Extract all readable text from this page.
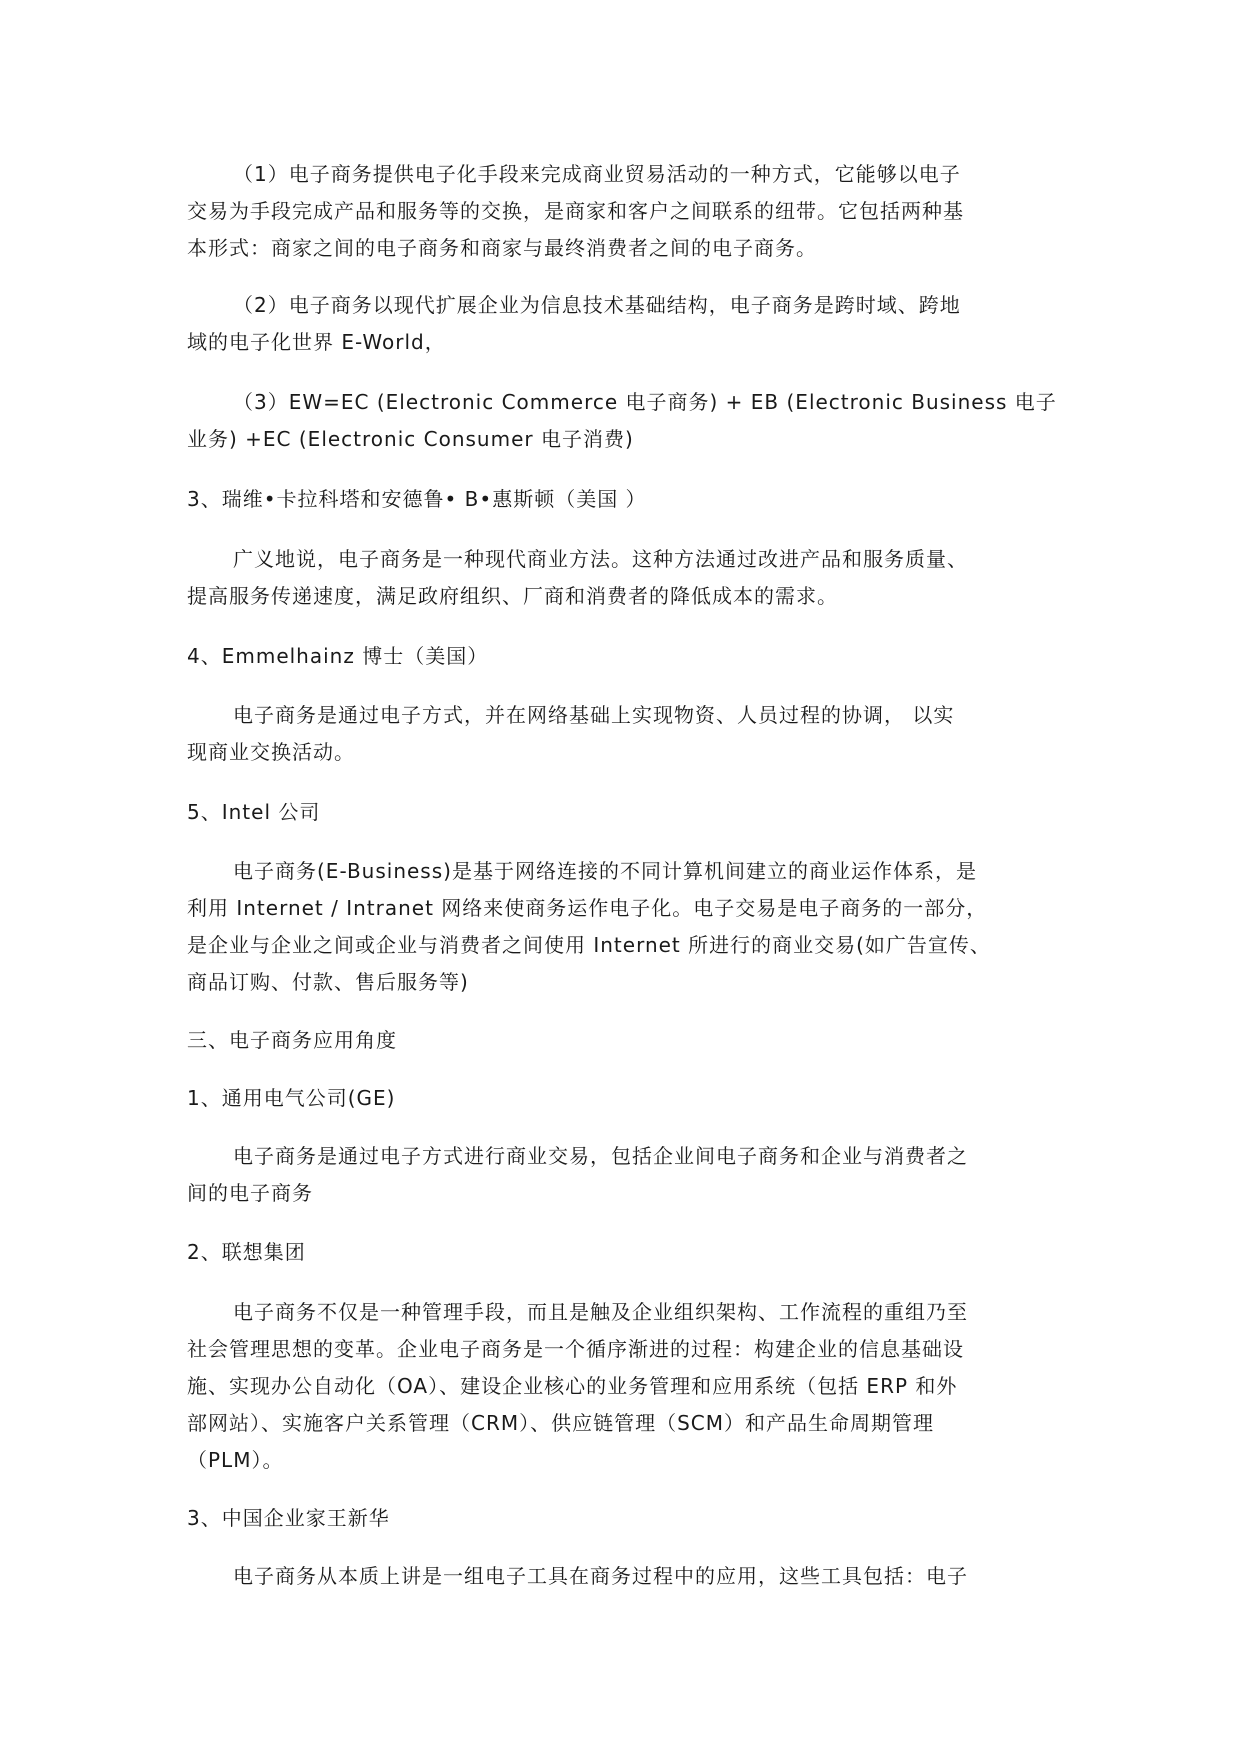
（1）电子商务提供电子化手段来完成商业贸易活动的一种方式，它能够以电子
交易为手段完成产品和服务等的交换，是商家和客户之间联系的纽带。它包括两种基
本形式：商家之间的电子商务和商家与最终消费者之间的电子商务。
（2）电子商务以现代扩展企业为信息技术基础结构，电子商务是跨时域、跨地
域的电子化世界 E-World，
（3）EW=EC (Electronic Commerce 电子商务) + EB (Electronic Business 电子
业务) +EC (Electronic Consumer 电子消费)
3、瑞维•卡拉科塔和安德鲁• B•惠斯顿（美国 ）
广义地说，电子商务是一种现代商业方法。这种方法通过改进产品和服务质量、
提高服务传递速度，满足政府组织、厂商和消费者的降低成本的需求。
4、Emmelhainz 博士（美国）
电子商务是通过电子方式，并在网络基础上实现物资、人员过程的协调， 以实
现商业交换活动。
5、Intel 公司
电子商务(E-Business)是基于网络连接的不同计算机间建立的商业运作体系，是
利用 Internet / Intranet 网络来使商务运作电子化。电子交易是电子商务的一部分，
是企业与企业之间或企业与消费者之间使用 Internet 所进行的商业交易(如广告宣传、
商品订购、付款、售后服务等)
三、电子商务应用角度
1、通用电气公司(GE)
电子商务是通过电子方式进行商业交易，包括企业间电子商务和企业与消费者之
间的电子商务
2、联想集团
电子商务不仅是一种管理手段，而且是触及企业组织架构、工作流程的重组乃至
社会管理思想的变革。企业电子商务是一个循序渐进的过程：构建企业的信息基础设
施、实现办公自动化（OA）、建设企业核心的业务管理和应用系统（包括 ERP 和外
部网站）、实施客户关系管理（CRM）、供应链管理（SCM）和产品生命周期管理
（PLM）。
3、中国企业家王新华
电子商务从本质上讲是一组电子工具在商务过程中的应用，这些工具包括：电子
